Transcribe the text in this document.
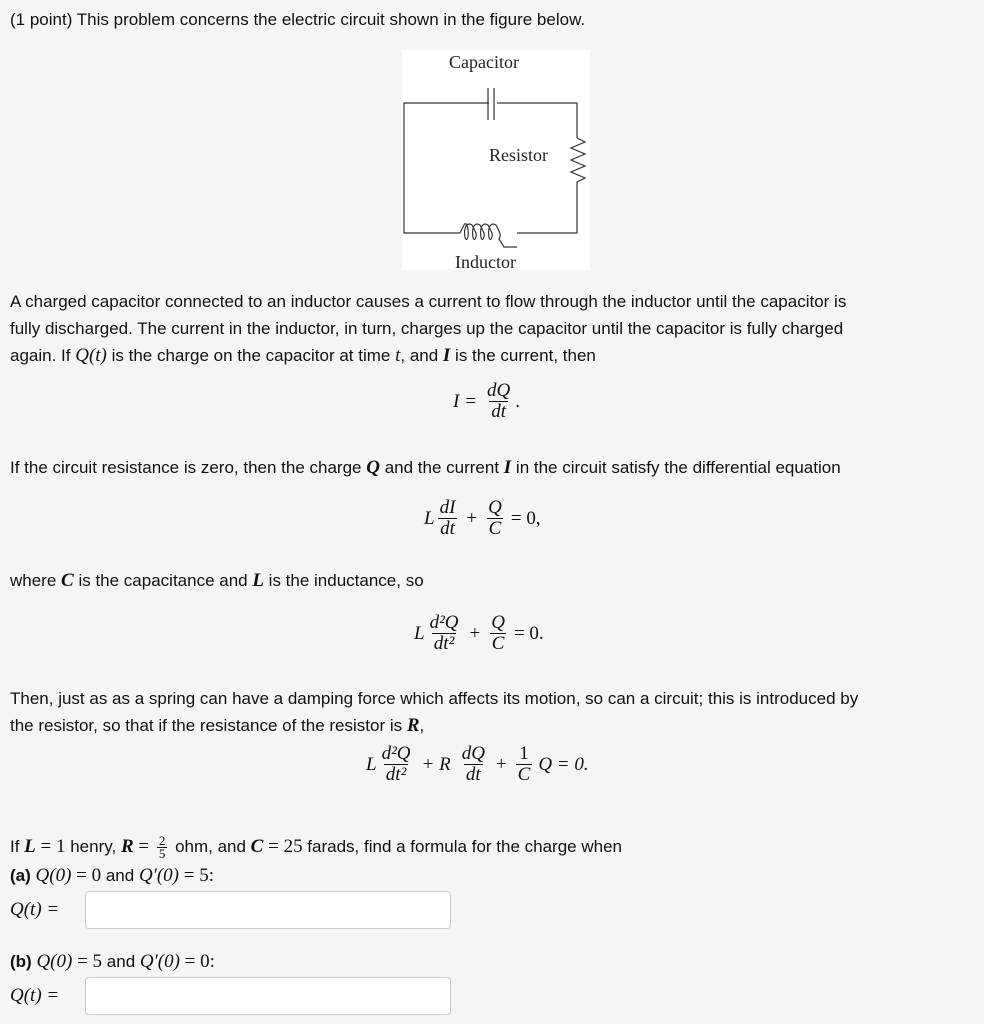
(1 point) This problem concerns the electric circuit shown in the figure below.
Capacitor
Resistor
Inductor
A charged capacitor connected to an inductor causes a current to flow through the inductor until the capacitor is
fully discharged. The current in the inductor, in turn, charges up the capacitor until the capacitor is fully charged
again. If Q(t) is the charge on the capacitor at time t, and I is the current, then
$I = \frac{dQ}{dt}$ .
If the circuit resistance is zero, then the charge Q and the current I in the circuit satisfy the differential equation
L $\frac{dI}{dt} + \frac{Q}{C} = 0$,
where C is the capacitance and L is the inductance, so
L $\frac{\text{d²Q}}{\text{dt²}} + \frac{Q}{C} = 0$.
Then, just as as a spring can have a damping force which affects its motion, so can a circuit; this is introduced by
the resistor, so that if the resistance of the resistor is R,
L $\frac{\text{d²Q}}{\text{dt²}} + R \frac{dQ}{dt} + \frac{1}{C}$ Q = 0.
If L = 1 henry, $R = \frac{2}{5}$ ohm, and C = 25 farads, find a formula for the charge when
(a) Q(0) = 0 and Q′(0) = 5:
Q(t) =
(b) Q(0) = 5 and Q′(0) = 0:
Q(t) =
